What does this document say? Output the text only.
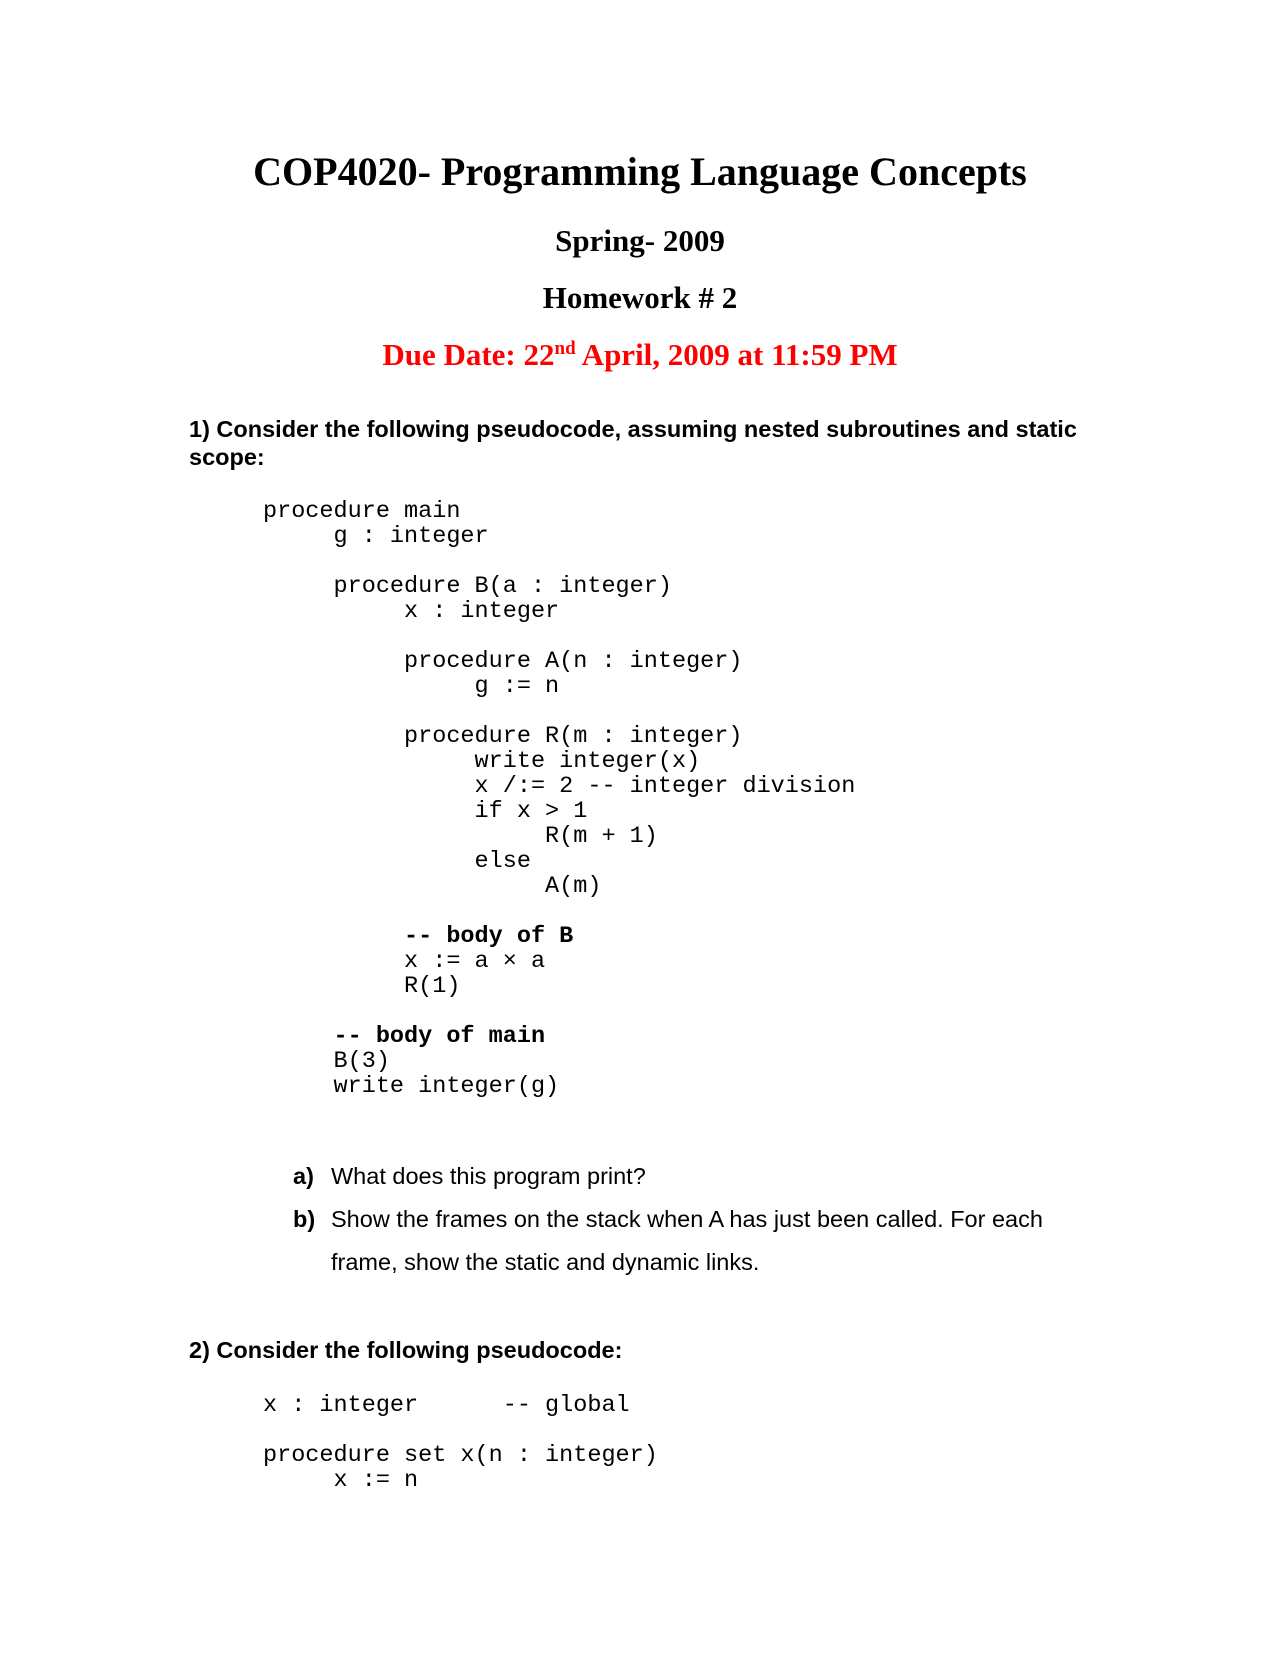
COP4020- Programming Language Concepts
Spring- 2009
Homework # 2
Due Date: 22nd April, 2009 at 11:59 PM

1) Consider the following pseudocode, assuming nested subroutines and static scope:

procedure main
g : integer
procedure B(a : integer)
x : integer
procedure A(n : integer)
g := n
procedure R(m : integer)
write integer(x)
x /:= 2 -- integer division
if x > 1
R(m + 1)
else
A(m)
-- body of B
x := a × a
R(1)
-- body of main
B(3)
write integer(g)
a) What does this program print?
b) Show the frames on the stack when A has just been called. For each frame, show the static and dynamic links.

2) Consider the following pseudocode:

x : integer      -- global
procedure set x(n : integer)
x := n
